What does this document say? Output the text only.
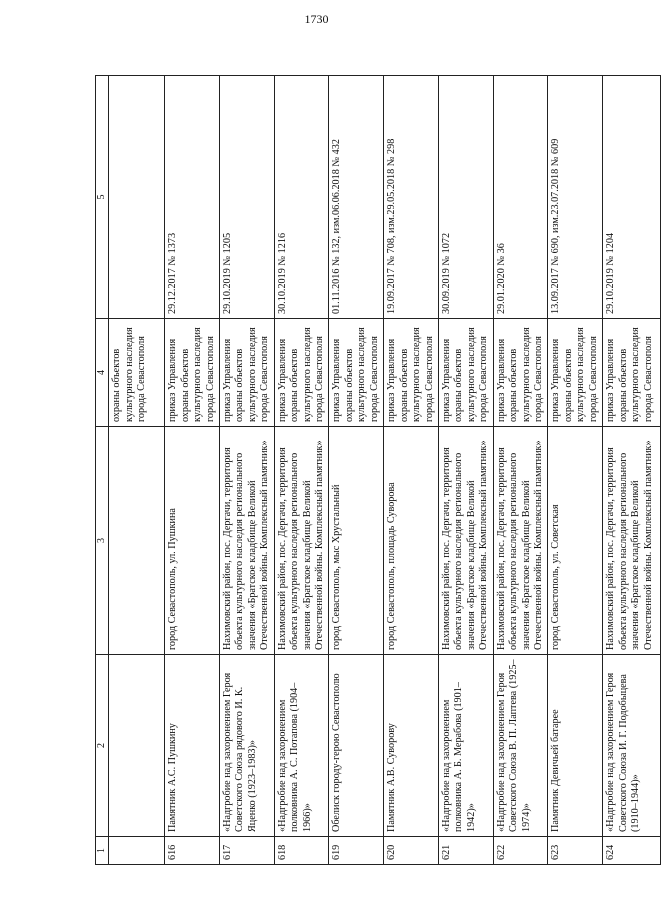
1730
1	2	3	4	5
			охраны объектов культурного наследия города Севастополя	
616	Памятник А.С. Пушкину	город Севастополь, ул. Пушкина	приказ Управления охраны объектов культурного наследия города Севастополя	29.12.2017 № 1373
617	«Надгробие над захоронением Героя Советского Союза рядового И. К. Яценко (1923–1983)»	Нахимовский район, пос. Дергачи, территория объекта культурного наследия регионального значения «Братское кладбище Великой Отечественной войны. Комплексный памятник»	приказ Управления охраны объектов культурного наследия города Севастополя	29.10.2019 № 1205
618	«Надгробие над захоронением полковника А. С. Потапова (1904–1966)»	Нахимовский район, пос. Дергачи, территория объекта культурного наследия регионального значения «Братское кладбище Великой Отечественной войны. Комплексный памятник»	приказ Управления охраны объектов культурного наследия города Севастополя	30.10.2019 № 1216
619	Обелиск городу-герою Севастополю	город Севастополь, мыс Хрустальный	приказ Управления охраны объектов культурного наследия города Севастополя	01.11.2016 № 132, изм.06.06.2018 № 432
620	Памятник А.В. Суворову	город Севастополь, площадь Суворова	приказ Управления охраны объектов культурного наследия города Севастополя	19.09.2017 № 708, изм.29.05.2018 № 298
621	«Надгробие над захоронением полковника А. Б. Мерабова (1901–1942)»	Нахимовский район, пос. Дергачи, территория объекта культурного наследия регионального значения «Братское кладбище Великой Отечественной войны. Комплексный памятник»	приказ Управления охраны объектов культурного наследия города Севастополя	30.09.2019 № 1072
622	«Надгробие над захоронением Героя Советского Союза В. П. Лаптева (1925–1974)»	Нахимовский район, пос. Дергачи, территория объекта культурного наследия регионального значения «Братское кладбище Великой Отечественной войны. Комплексный памятник»	приказ Управления охраны объектов культурного наследия города Севастополя	29.01.2020 № 36
623	Памятник Девичьей батарее	город Севастополь, ул. Советская	приказ Управления охраны объектов культурного наследия города Севастополя	13.09.2017 № 690, изм.23.07.2018 № 609
624	«Надгробие над захоронением Героя Советского Союза И. Г. Подобыцева (1910–1944)»	Нахимовский район, пос. Дергачи, территория объекта культурного наследия регионального значения «Братское кладбище Великой Отечественной войны. Комплексный памятник»	приказ Управления охраны объектов культурного наследия города Севастополя	29.10.2019 № 1204
